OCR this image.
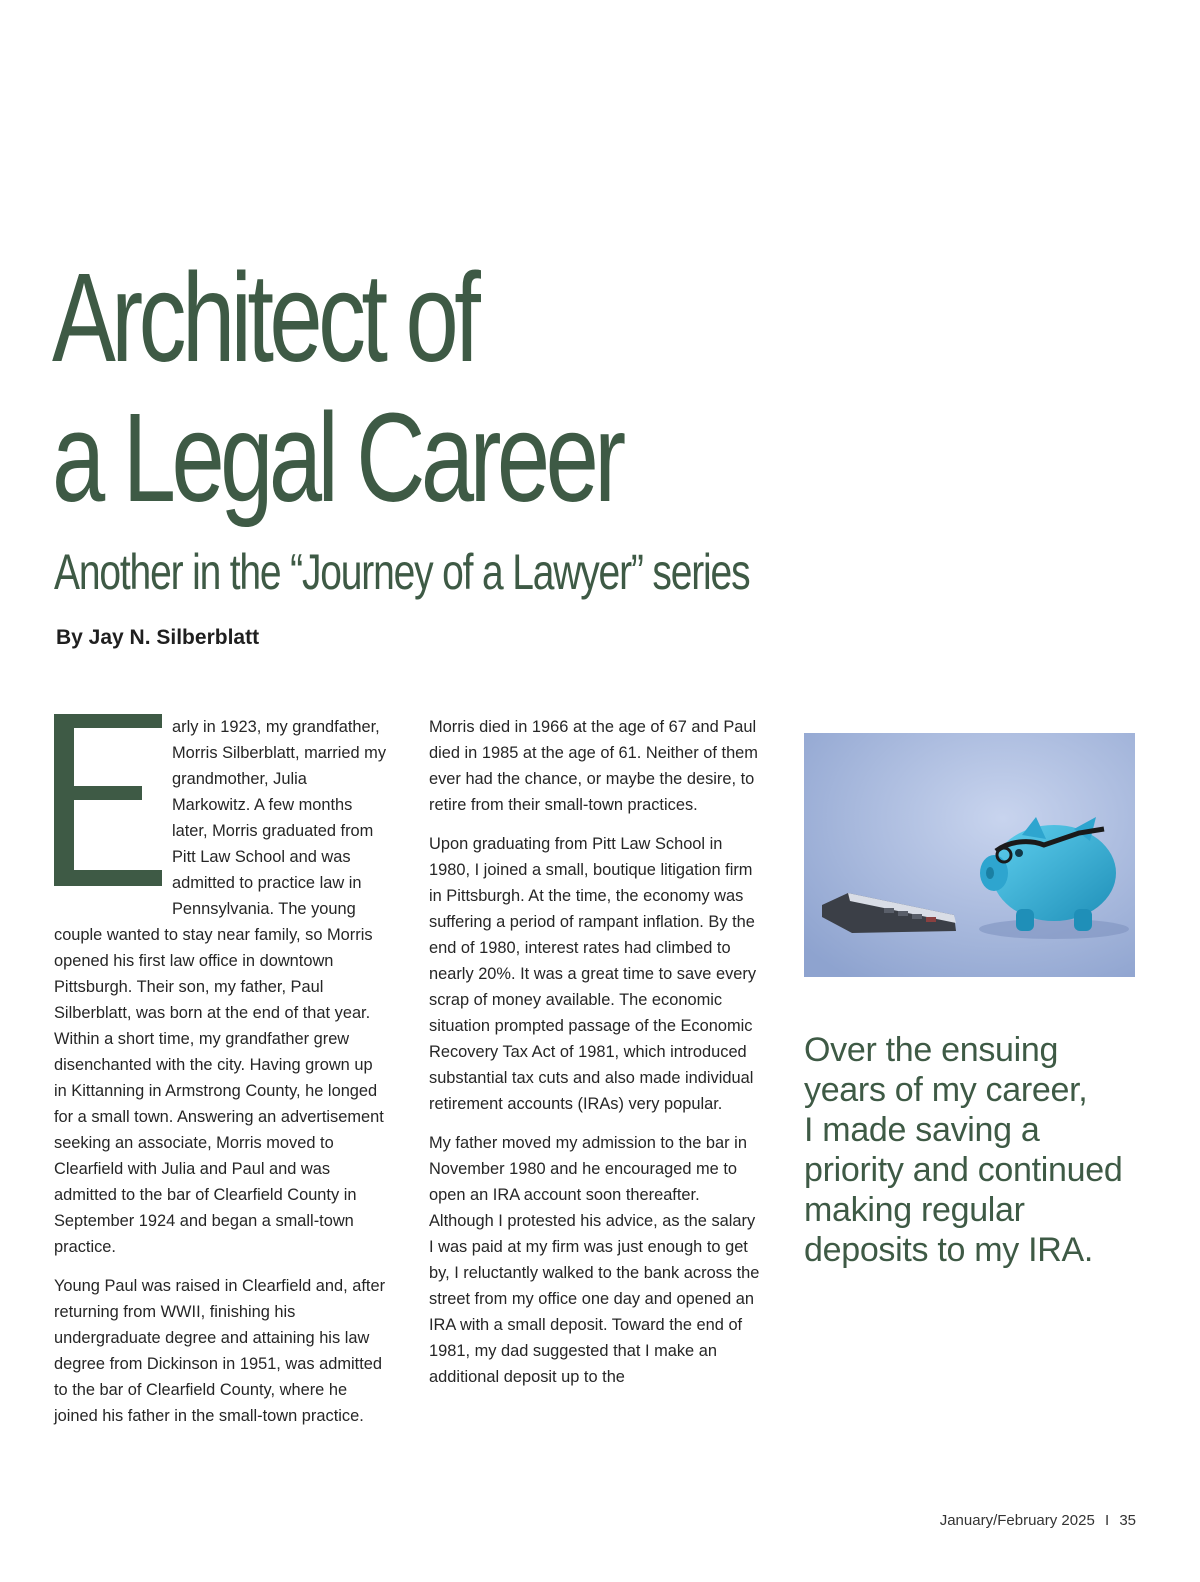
Architect of
a Legal Career
Another in the “Journey of a Lawyer” series
By Jay N. Silberblatt

arly in 1923, my grandfather, Morris Silberblatt, married my grandmother, Julia Markowitz. A few months later, Morris graduated from Pitt Law School and was admitted to practice law in Pennsylvania. The young couple wanted to stay near family, so Morris opened his first law office in downtown Pittsburgh. Their son, my father, Paul Silberblatt, was born at the end of that year. Within a short time, my grandfather grew disenchanted with the city. Having grown up in Kittanning in Armstrong County, he longed for a small town. Answering an advertisement seeking an associate, Morris moved to Clearfield with Julia and Paul and was admitted to the bar of Clearfield County in September 1924 and began a small-town practice.

Young Paul was raised in Clearfield and, after returning from WWII, finishing his undergraduate degree and attaining his law degree from Dickinson in 1951, was admitted to the bar of Clearfield County, where he joined his father in the small-town practice.

Morris died in 1966 at the age of 67 and Paul died in 1985 at the age of 61. Neither of them ever had the chance, or maybe the desire, to retire from their small-town practices.

Upon graduating from Pitt Law School in 1980, I joined a small, boutique litigation firm in Pittsburgh. At the time, the economy was suffering a period of rampant inflation. By the end of 1980, interest rates had climbed to nearly 20%. It was a great time to save every scrap of money available. The economic situation prompted passage of the Economic Recovery Tax Act of 1981, which introduced substantial tax cuts and also made individual retirement accounts (IRAs) very popular.

My father moved my admission to the bar in November 1980 and he encouraged me to open an IRA account soon thereafter. Although I protested his advice, as the salary I was paid at my firm was just enough to get by, I reluctantly walked to the bank across the street from my office one day and opened an IRA with a small deposit. Toward the end of 1981, my dad suggested that I make an additional deposit up to the

Over the ensuing
years of my career,
I made saving a
priority and continued
making regular
deposits to my IRA.
January/February 2025 I 35
